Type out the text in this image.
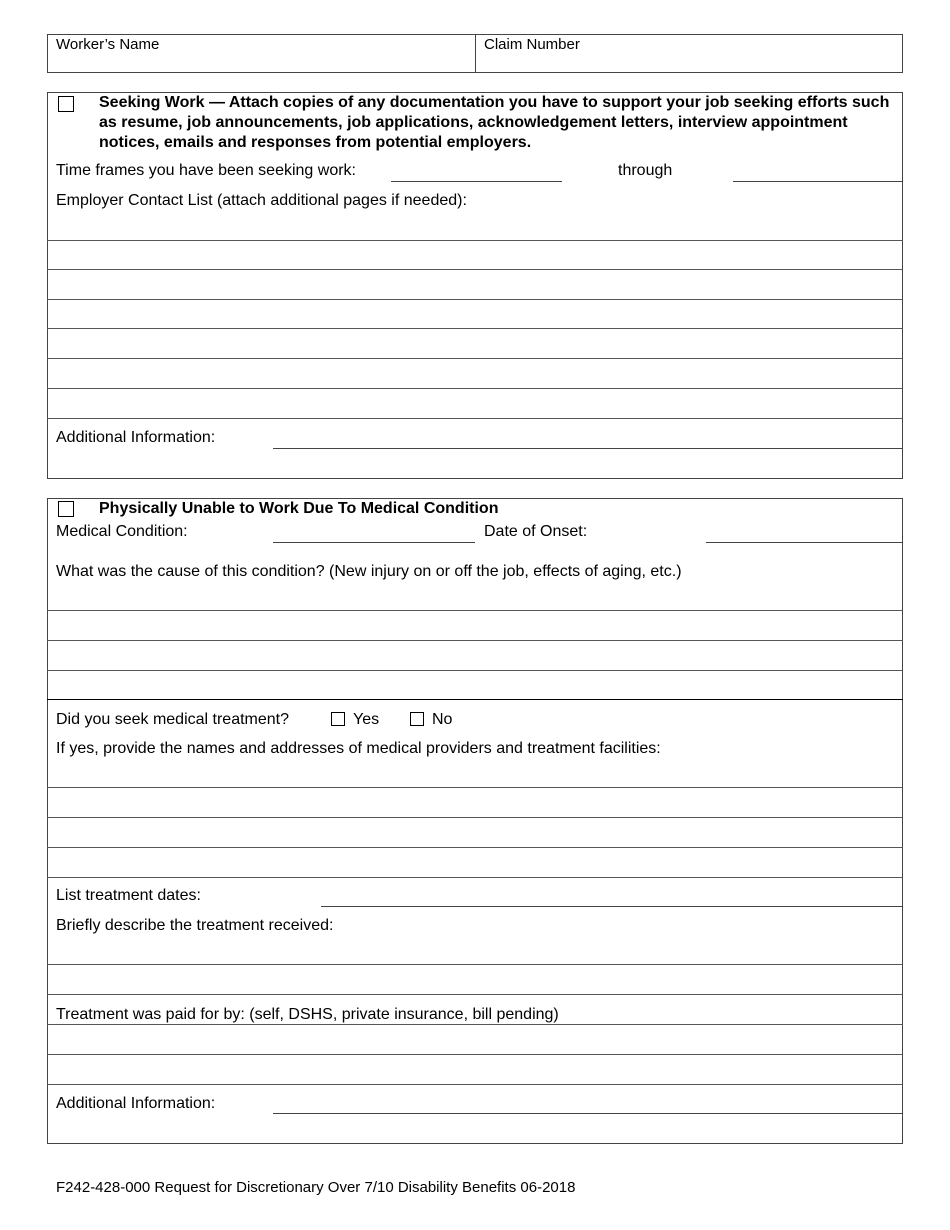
Worker’s Name	Claim Number
Seeking Work — Attach copies of any documentation you have to support your job seeking efforts such as resume, job announcements, job applications, acknowledgement letters, interview appointment notices, emails and responses from potential employers.
Time frames you have been seeking work:	through
Employer Contact List (attach additional pages if needed):
Additional Information:
Physically Unable to Work Due To Medical Condition
Medical Condition:	Date of Onset:
What was the cause of this condition? (New injury on or off the job, effects of aging, etc.)
Did you seek medical treatment?	Yes	No
If yes, provide the names and addresses of medical providers and treatment facilities:
List treatment dates:
Briefly describe the treatment received:
Treatment was paid for by: (self, DSHS, private insurance, bill pending)
Additional Information:
F242-428-000 Request for Discretionary Over 7/10 Disability Benefits 06-2018
